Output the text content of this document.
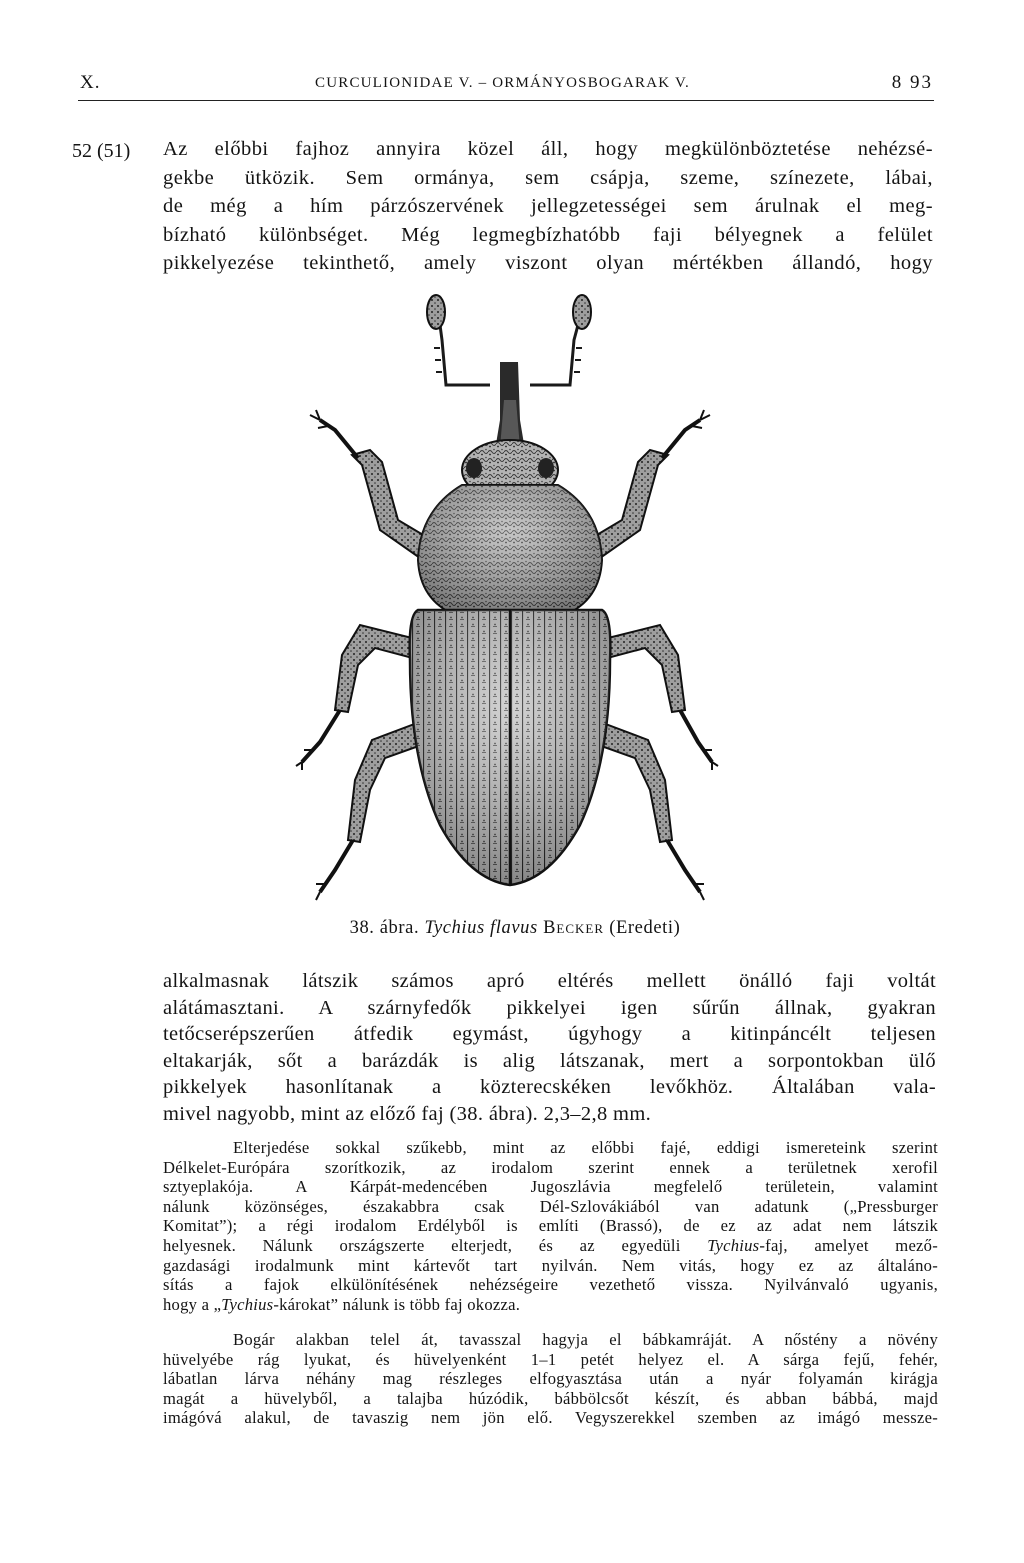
X.	CURCULIONIDAE V. – ORMÁNYOSBOGARAK V.	8 93
52 (51)	Az előbbi fajhoz annyira közel áll, hogy megkülönböztetése nehézsé-
gekbe ütközik. Sem ormánya, sem csápja, szeme, színezete, lábai,
de még a hím párzószervének jellegzetességei sem árulnak el meg-
bízható különbséget. Még legmegbízhatóbb faji bélyegnek a felület
pikkelyezése tekinthető, amely viszont olyan mértékben állandó, hogy
38. ábra. Tychius flavus Becker (Eredeti)
alkalmasnak látszik számos apró eltérés mellett önálló faji voltát
alátámasztani. A szárnyfedők pikkelyei igen sűrűn állnak, gyakran
tetőcserépszerűen átfedik egymást, úgyhogy a kitinpáncélt teljesen
eltakarják, sőt a barázdák is alig látszanak, mert a sorpontokban ülő
pikkelyek hasonlítanak a közterecskéken levőkhöz. Általában vala-
mivel nagyobb, mint az előző faj (38. ábra). 2,3–2,8 mm.
Elterjedése sokkal szűkebb, mint az előbbi fajé, eddigi ismereteink szerint
Délkelet-Európára szorítkozik, az irodalom szerint ennek a területnek xerofil
sztyeplakója. A Kárpát-medencében Jugoszlávia megfelelő területein, valamint
nálunk közönséges, északabbra csak Dél-Szlovákiából van adatunk („Pressburger
Komitat”); a régi irodalom Erdélyből is említi (Brassó), de ez az adat nem látszik
helyesnek. Nálunk országszerte elterjedt, és az egyedüli Tychius-faj, amelyet mező-
gazdasági irodalmunk mint kártevőt tart nyilván. Nem vitás, hogy ez az általáno-
sítás a fajok elkülönítésének nehézségeire vezethető vissza. Nyilvánvaló ugyanis,
hogy a „Tychius-károkat” nálunk is több faj okozza.
Bogár alakban telel át, tavasszal hagyja el bábkamráját. A nőstény a növény
hüvelyébe rág lyukat, és hüvelyenként 1–1 petét helyez el. A sárga fejű, fehér,
lábatlan lárva néhány mag részleges elfogyasztása után a nyár folyamán kirágja
magát a hüvelyből, a talajba húzódik, bábbölcsőt készít, és abban bábbá, majd
imágóvá alakul, de tavaszig nem jön elő. Vegyszerekkel szemben az imágó messze-
